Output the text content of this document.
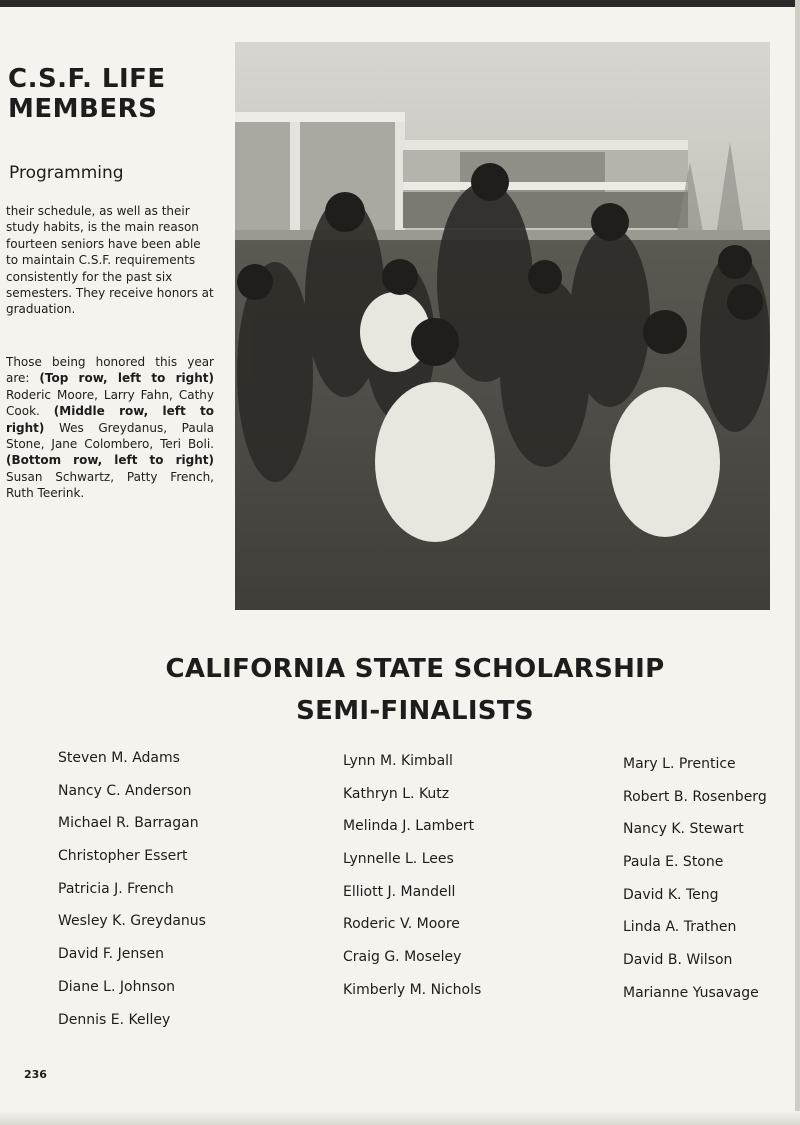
C.S.F. LIFE MEMBERS
Programming

their schedule, as well as their study habits, is the main reason fourteen seniors have been able to maintain C.S.F. requirements consistently for the past six semesters. They receive honors at graduation.

Those being honored this year are: (Top row, left to right) Roderic Moore, Larry Fahn, Cathy Cook. (Middle row, left to right) Wes Greydanus, Paula Stone, Jane Colombero, Teri Boli. (Bottom row, left to right) Susan Schwartz, Patty French, Ruth Teerink.

CALIFORNIA STATE SCHOLARSHIP
SEMI-FINALISTS
Steven M. Adams
Nancy C. Anderson
Michael R. Barragan
Christopher Essert
Patricia J. French
Wesley K. Greydanus
David F. Jensen
Diane L. Johnson
Dennis E. Kelley
Lynn M. Kimball
Kathryn L. Kutz
Melinda J. Lambert
Lynnelle L. Lees
Elliott J. Mandell
Roderic V. Moore
Craig G. Moseley
Kimberly M. Nichols
Mary L. Prentice
Robert B. Rosenberg
Nancy K. Stewart
Paula E. Stone
David K. Teng
Linda A. Trathen
David B. Wilson
Marianne Yusavage
236
